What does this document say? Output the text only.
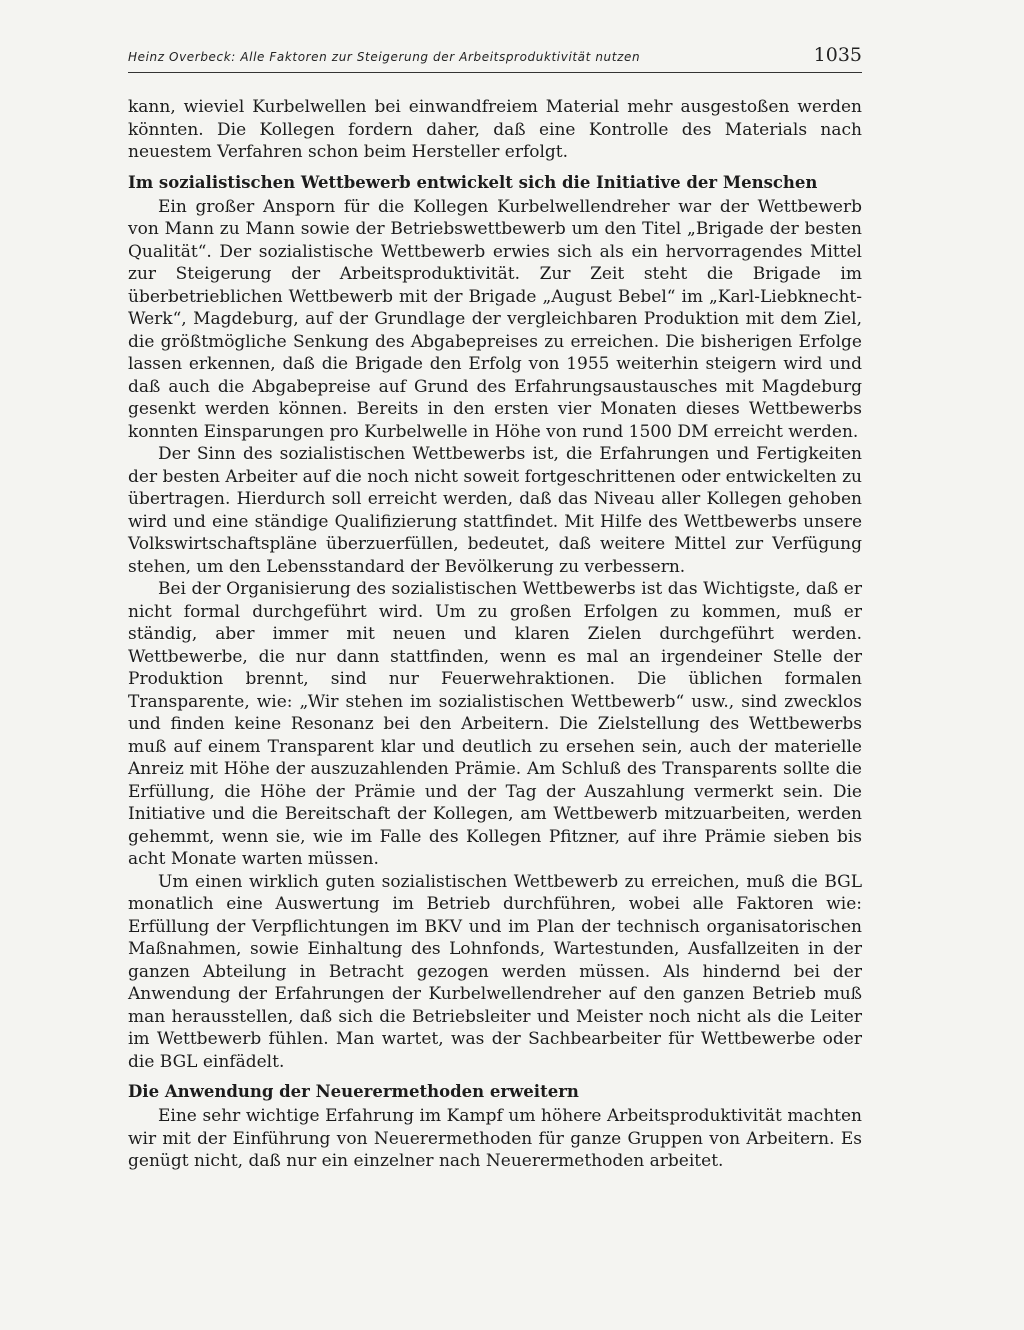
Heinz Overbeck: Alle Faktoren zur Steigerung der Arbeitsproduktivität nutzen	1035

kann, wieviel Kurbelwellen bei einwandfreiem Material mehr ausgestoßen werden könnten. Die Kollegen fordern daher, daß eine Kontrolle des Materials nach neuestem Verfahren schon beim Hersteller erfolgt.

Im sozialistischen Wettbewerb entwickelt sich die Initiative der Menschen

Ein großer Ansporn für die Kollegen Kurbelwellendreher war der Wettbewerb von Mann zu Mann sowie der Betriebswettbewerb um den Titel „Brigade der besten Qualität“. Der sozialistische Wettbewerb erwies sich als ein hervorragendes Mittel zur Steigerung der Arbeitsproduktivität. Zur Zeit steht die Brigade im überbetrieblichen Wettbewerb mit der Brigade „August Bebel“ im „Karl-Liebknecht-Werk“, Magdeburg, auf der Grundlage der vergleichbaren Produktion mit dem Ziel, die größtmögliche Senkung des Abgabepreises zu erreichen. Die bisherigen Erfolge lassen erkennen, daß die Brigade den Erfolg von 1955 weiterhin steigern wird und daß auch die Abgabepreise auf Grund des Erfahrungsaustausches mit Magdeburg gesenkt werden können. Bereits in den ersten vier Monaten dieses Wettbewerbs konnten Einsparungen pro Kurbelwelle in Höhe von rund 1500 DM erreicht werden.

Der Sinn des sozialistischen Wettbewerbs ist, die Erfahrungen und Fertigkeiten der besten Arbeiter auf die noch nicht soweit fortgeschrittenen oder entwickelten zu übertragen. Hierdurch soll erreicht werden, daß das Niveau aller Kollegen gehoben wird und eine ständige Qualifizierung stattfindet. Mit Hilfe des Wettbewerbs unsere Volkswirtschaftspläne überzuerfüllen, bedeutet, daß weitere Mittel zur Verfügung stehen, um den Lebensstandard der Bevölkerung zu verbessern.

Bei der Organisierung des sozialistischen Wettbewerbs ist das Wichtigste, daß er nicht formal durchgeführt wird. Um zu großen Erfolgen zu kommen, muß er ständig, aber immer mit neuen und klaren Zielen durchgeführt werden. Wettbewerbe, die nur dann stattfinden, wenn es mal an irgendeiner Stelle der Produktion brennt, sind nur Feuerwehraktionen. Die üblichen formalen Transparente, wie: „Wir stehen im sozialistischen Wettbewerb“ usw., sind zwecklos und finden keine Resonanz bei den Arbeitern. Die Zielstellung des Wettbewerbs muß auf einem Transparent klar und deutlich zu ersehen sein, auch der materielle Anreiz mit Höhe der auszuzahlenden Prämie. Am Schluß des Transparents sollte die Erfüllung, die Höhe der Prämie und der Tag der Auszahlung vermerkt sein. Die Initiative und die Bereitschaft der Kollegen, am Wettbewerb mitzuarbeiten, werden gehemmt, wenn sie, wie im Falle des Kollegen Pfitzner, auf ihre Prämie sieben bis acht Monate warten müssen.

Um einen wirklich guten sozialistischen Wettbewerb zu erreichen, muß die BGL monatlich eine Auswertung im Betrieb durchführen, wobei alle Faktoren wie: Erfüllung der Verpflichtungen im BKV und im Plan der technisch organisatorischen Maßnahmen, sowie Einhaltung des Lohnfonds, Wartestunden, Ausfallzeiten in der ganzen Abteilung in Betracht gezogen werden müssen. Als hindernd bei der Anwendung der Erfahrungen der Kurbelwellendreher auf den ganzen Betrieb muß man herausstellen, daß sich die Betriebsleiter und Meister noch nicht als die Leiter im Wettbewerb fühlen. Man wartet, was der Sachbearbeiter für Wettbewerbe oder die BGL einfädelt.

Die Anwendung der Neuerermethoden erweitern

Eine sehr wichtige Erfahrung im Kampf um höhere Arbeitsproduktivität machten wir mit der Einführung von Neuerermethoden für ganze Gruppen von Arbeitern. Es genügt nicht, daß nur ein einzelner nach Neuerermethoden arbeitet.
